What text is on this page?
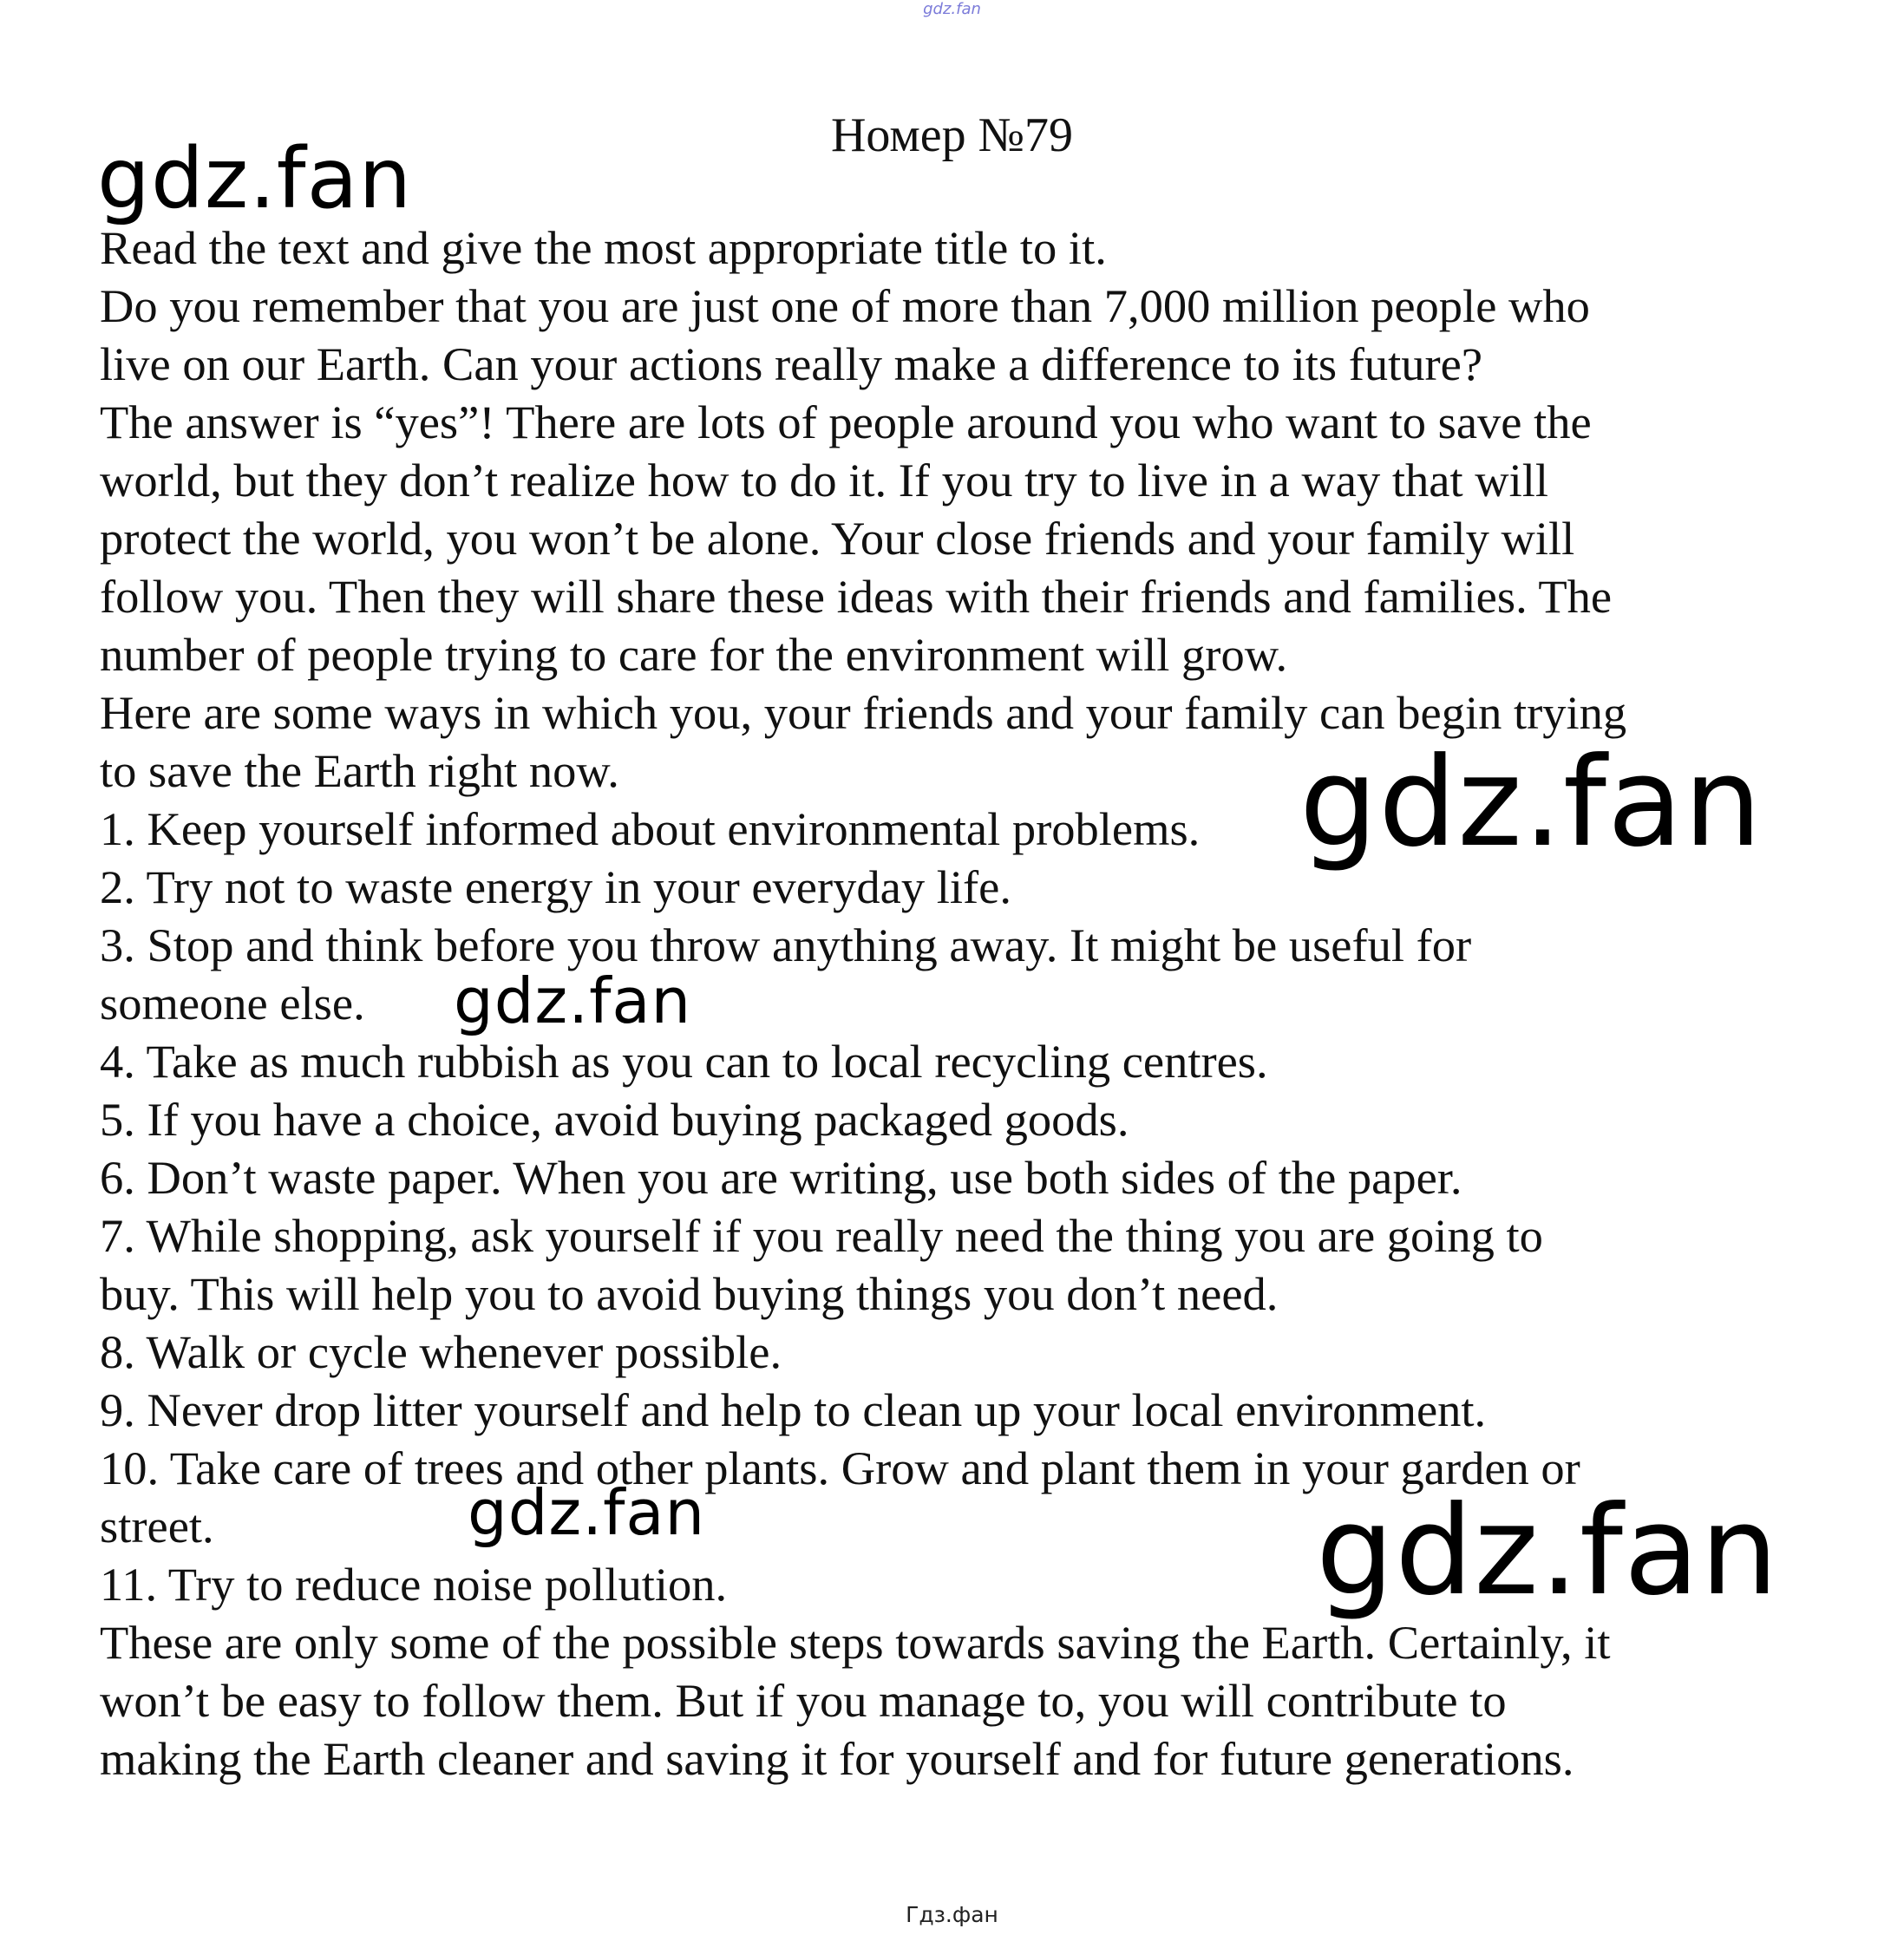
gdz.fan
Номер №79
Read the text and give the most appropriate title to it.
Do you remember that you are just one of more than 7,000 million people who
live on our Earth. Can your actions really make a difference to its future?
The answer is “yes”! There are lots of people around you who want to save the
world, but they don’t realize how to do it. If you try to live in a way that will
protect the world, you won’t be alone. Your close friends and your family will
follow you. Then they will share these ideas with their friends and families. The
number of people trying to care for the environment will grow.
Here are some ways in which you, your friends and your family can begin trying
to save the Earth right now.
1. Keep yourself informed about environmental problems.
2. Try not to waste energy in your everyday life.
3. Stop and think before you throw anything away. It might be useful for
someone else.
4. Take as much rubbish as you can to local recycling centres.
5. If you have a choice, avoid buying packaged goods.
6. Don’t waste paper. When you are writing, use both sides of the paper.
7. While shopping, ask yourself if you really need the thing you are going to
buy. This will help you to avoid buying things you don’t need.
8. Walk or cycle whenever possible.
9. Never drop litter yourself and help to clean up your local environment.
10. Take care of trees and other plants. Grow and plant them in your garden or
street.
11. Try to reduce noise pollution.
These are only some of the possible steps towards saving the Earth. Certainly, it
won’t be easy to follow them. But if you manage to, you will contribute to
making the Earth cleaner and saving it for yourself and for future generations.
gdz.fan
gdz.fan
gdz.fan
gdz.fan	gdz.fan
Гдз.фан
